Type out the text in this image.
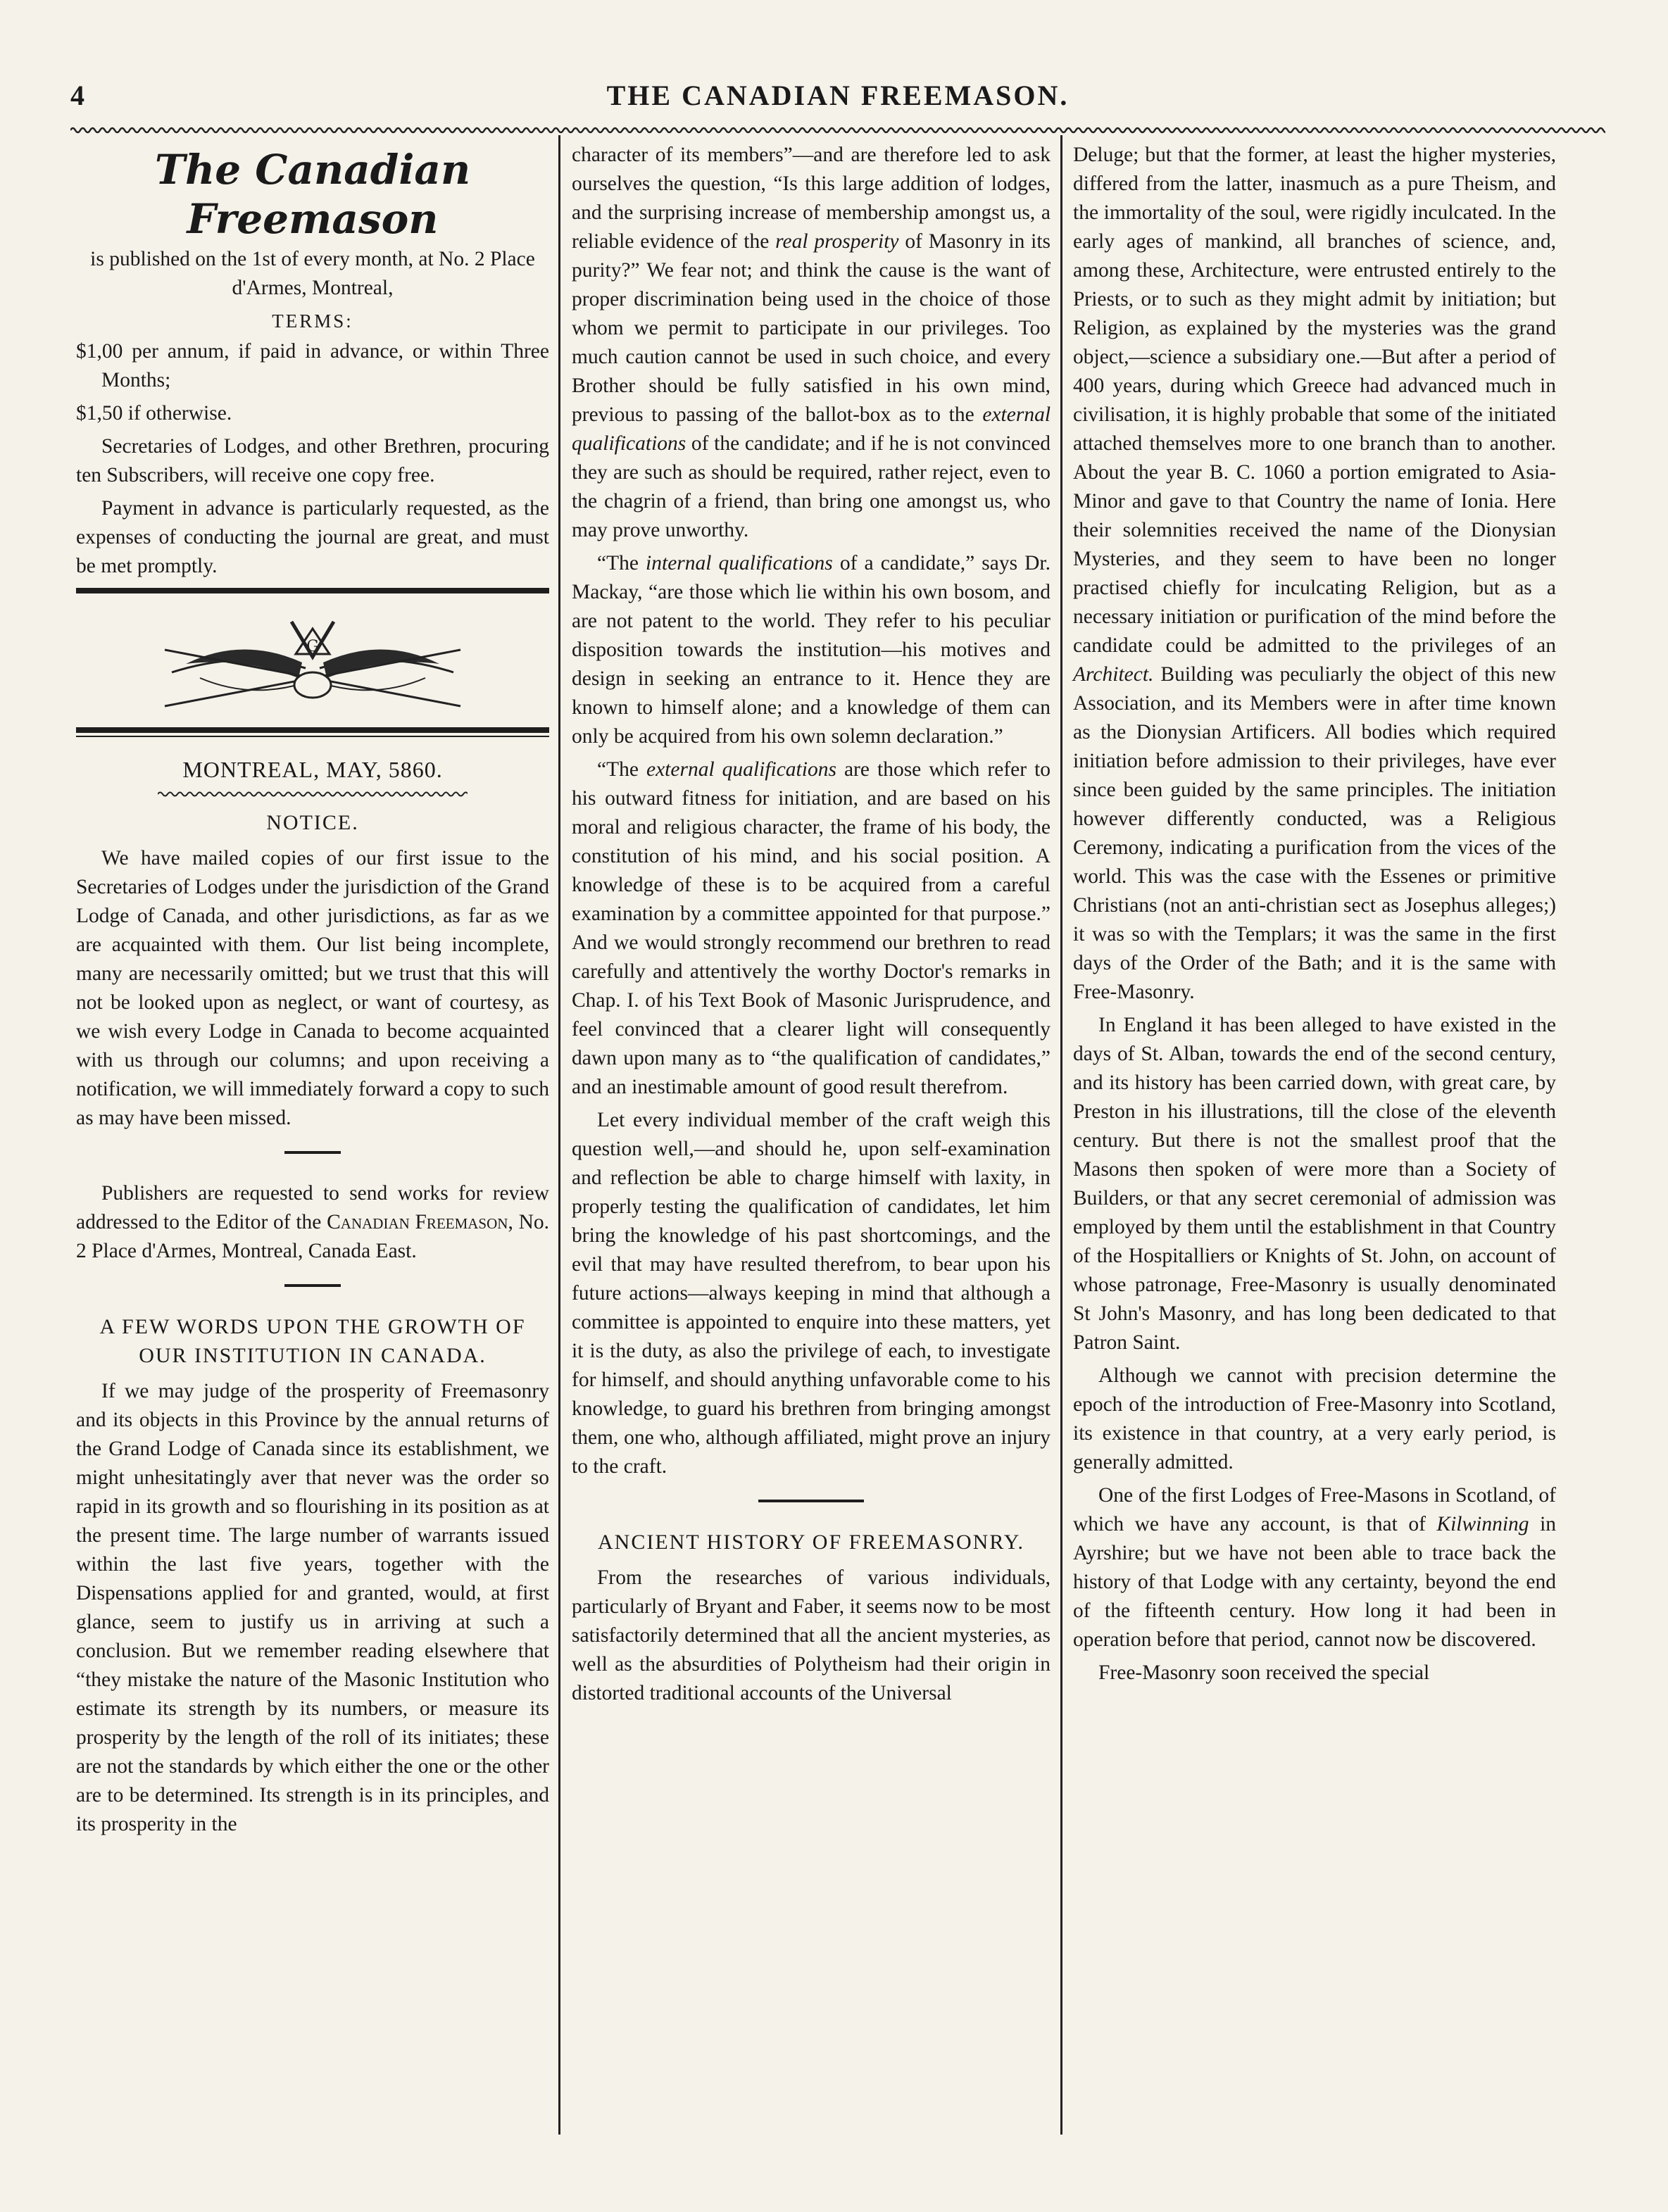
4	THE CANADIAN FREEMASON.
The Canadian Freemason

is published on the 1st of every month, at No. 2 Place d'Armes, Montreal,

TERMS:

$1,00 per annum, if paid in advance, or within Three Months;

$1,50 if otherwise.

Secretaries of Lodges, and other Brethren, procuring ten Subscribers, will receive one copy free.

Payment in advance is particularly requested, as the expenses of conducting the journal are great, and must be met promptly.

G
MONTREAL, MAY, 5860.
NOTICE.

We have mailed copies of our first issue to the Secretaries of Lodges under the jurisdiction of the Grand Lodge of Canada, and other jurisdictions, as far as we are acquainted with them. Our list being incomplete, many are necessarily omitted; but we trust that this will not be looked upon as neglect, or want of courtesy, as we wish every Lodge in Canada to become acquainted with us through our columns; and upon receiving a notification, we will immediately forward a copy to such as may have been missed.

Publishers are requested to send works for review addressed to the Editor of the Canadian Freemason, No. 2 Place d'Armes, Montreal, Canada East.

A FEW WORDS UPON THE GROWTH OF OUR INSTITUTION IN CANADA.

If we may judge of the prosperity of Freemasonry and its objects in this Province by the annual returns of the Grand Lodge of Canada since its establishment, we might unhesitatingly aver that never was the order so rapid in its growth and so flourishing in its position as at the present time. The large number of warrants issued within the last five years, together with the Dispensations applied for and granted, would, at first glance, seem to justify us in arriving at such a conclusion. But we remember reading elsewhere that “they mistake the nature of the Masonic Institution who estimate its strength by its numbers, or measure its prosperity by the length of the roll of its initiates; these are not the standards by which either the one or the other are to be determined. Its strength is in its principles, and its prosperity in the

character of its members”—and are therefore led to ask ourselves the question, “Is this large addition of lodges, and the surprising increase of membership amongst us, a reliable evidence of the real prosperity of Masonry in its purity?” We fear not; and think the cause is the want of proper discrimination being used in the choice of those whom we permit to participate in our privileges. Too much caution cannot be used in such choice, and every Brother should be fully satisfied in his own mind, previous to passing of the ballot-box as to the external qualifications of the candidate; and if he is not convinced they are such as should be required, rather reject, even to the chagrin of a friend, than bring one amongst us, who may prove unworthy.

“The internal qualifications of a candidate,” says Dr. Mackay, “are those which lie within his own bosom, and are not patent to the world. They refer to his peculiar disposition towards the institution—his motives and design in seeking an entrance to it. Hence they are known to himself alone; and a knowledge of them can only be acquired from his own solemn declaration.”

“The external qualifications are those which refer to his outward fitness for initiation, and are based on his moral and religious character, the frame of his body, the constitution of his mind, and his social position. A knowledge of these is to be acquired from a careful examination by a committee appointed for that purpose.” And we would strongly recommend our brethren to read carefully and attentively the worthy Doctor's remarks in Chap. I. of his Text Book of Masonic Jurisprudence, and feel convinced that a clearer light will consequently dawn upon many as to “the qualification of candidates,” and an inestimable amount of good result therefrom.

Let every individual member of the craft weigh this question well,—and should he, upon self-examination and reflection be able to charge himself with laxity, in properly testing the qualification of candidates, let him bring the knowledge of his past shortcomings, and the evil that may have resulted therefrom, to bear upon his future actions—always keeping in mind that although a committee is appointed to enquire into these matters, yet it is the duty, as also the privilege of each, to investigate for himself, and should anything unfavorable come to his knowledge, to guard his brethren from bringing amongst them, one who, although affiliated, might prove an injury to the craft.

ANCIENT HISTORY OF FREEMASONRY.

From the researches of various individuals, particularly of Bryant and Faber, it seems now to be most satisfactorily determined that all the ancient mysteries, as well as the absurdities of Polytheism had their origin in distorted traditional accounts of the Universal

Deluge; but that the former, at least the higher mysteries, differed from the latter, inasmuch as a pure Theism, and the immortality of the soul, were rigidly inculcated. In the early ages of mankind, all branches of science, and, among these, Architecture, were entrusted entirely to the Priests, or to such as they might admit by initiation; but Religion, as explained by the mysteries was the grand object,—science a subsidiary one.—But after a period of 400 years, during which Greece had advanced much in civilisation, it is highly probable that some of the initiated attached themselves more to one branch than to another. About the year B. C. 1060 a portion emigrated to Asia-Minor and gave to that Country the name of Ionia. Here their solemnities received the name of the Dionysian Mysteries, and they seem to have been no longer practised chiefly for inculcating Religion, but as a necessary initiation or purification of the mind before the candidate could be admitted to the privileges of an Architect. Building was peculiarly the object of this new Association, and its Members were in after time known as the Dionysian Artificers. All bodies which required initiation before admission to their privileges, have ever since been guided by the same principles. The initiation however differently conducted, was a Religious Ceremony, indicating a purification from the vices of the world. This was the case with the Essenes or primitive Christians (not an anti-christian sect as Josephus alleges;) it was so with the Templars; it was the same in the first days of the Order of the Bath; and it is the same with Free-Masonry.

In England it has been alleged to have existed in the days of St. Alban, towards the end of the second century, and its history has been carried down, with great care, by Preston in his illustrations, till the close of the eleventh century. But there is not the smallest proof that the Masons then spoken of were more than a Society of Builders, or that any secret ceremonial of admission was employed by them until the establishment in that Country of the Hospitalliers or Knights of St. John, on account of whose patronage, Free-Masonry is usually denominated St John's Masonry, and has long been dedicated to that Patron Saint.

Although we cannot with precision determine the epoch of the introduction of Free-Masonry into Scotland, its existence in that country, at a very early period, is generally admitted.

One of the first Lodges of Free-Masons in Scotland, of which we have any account, is that of Kilwinning in Ayrshire; but we have not been able to trace back the history of that Lodge with any certainty, beyond the end of the fifteenth century. How long it had been in operation before that period, cannot now be discovered.

Free-Masonry soon received the special
